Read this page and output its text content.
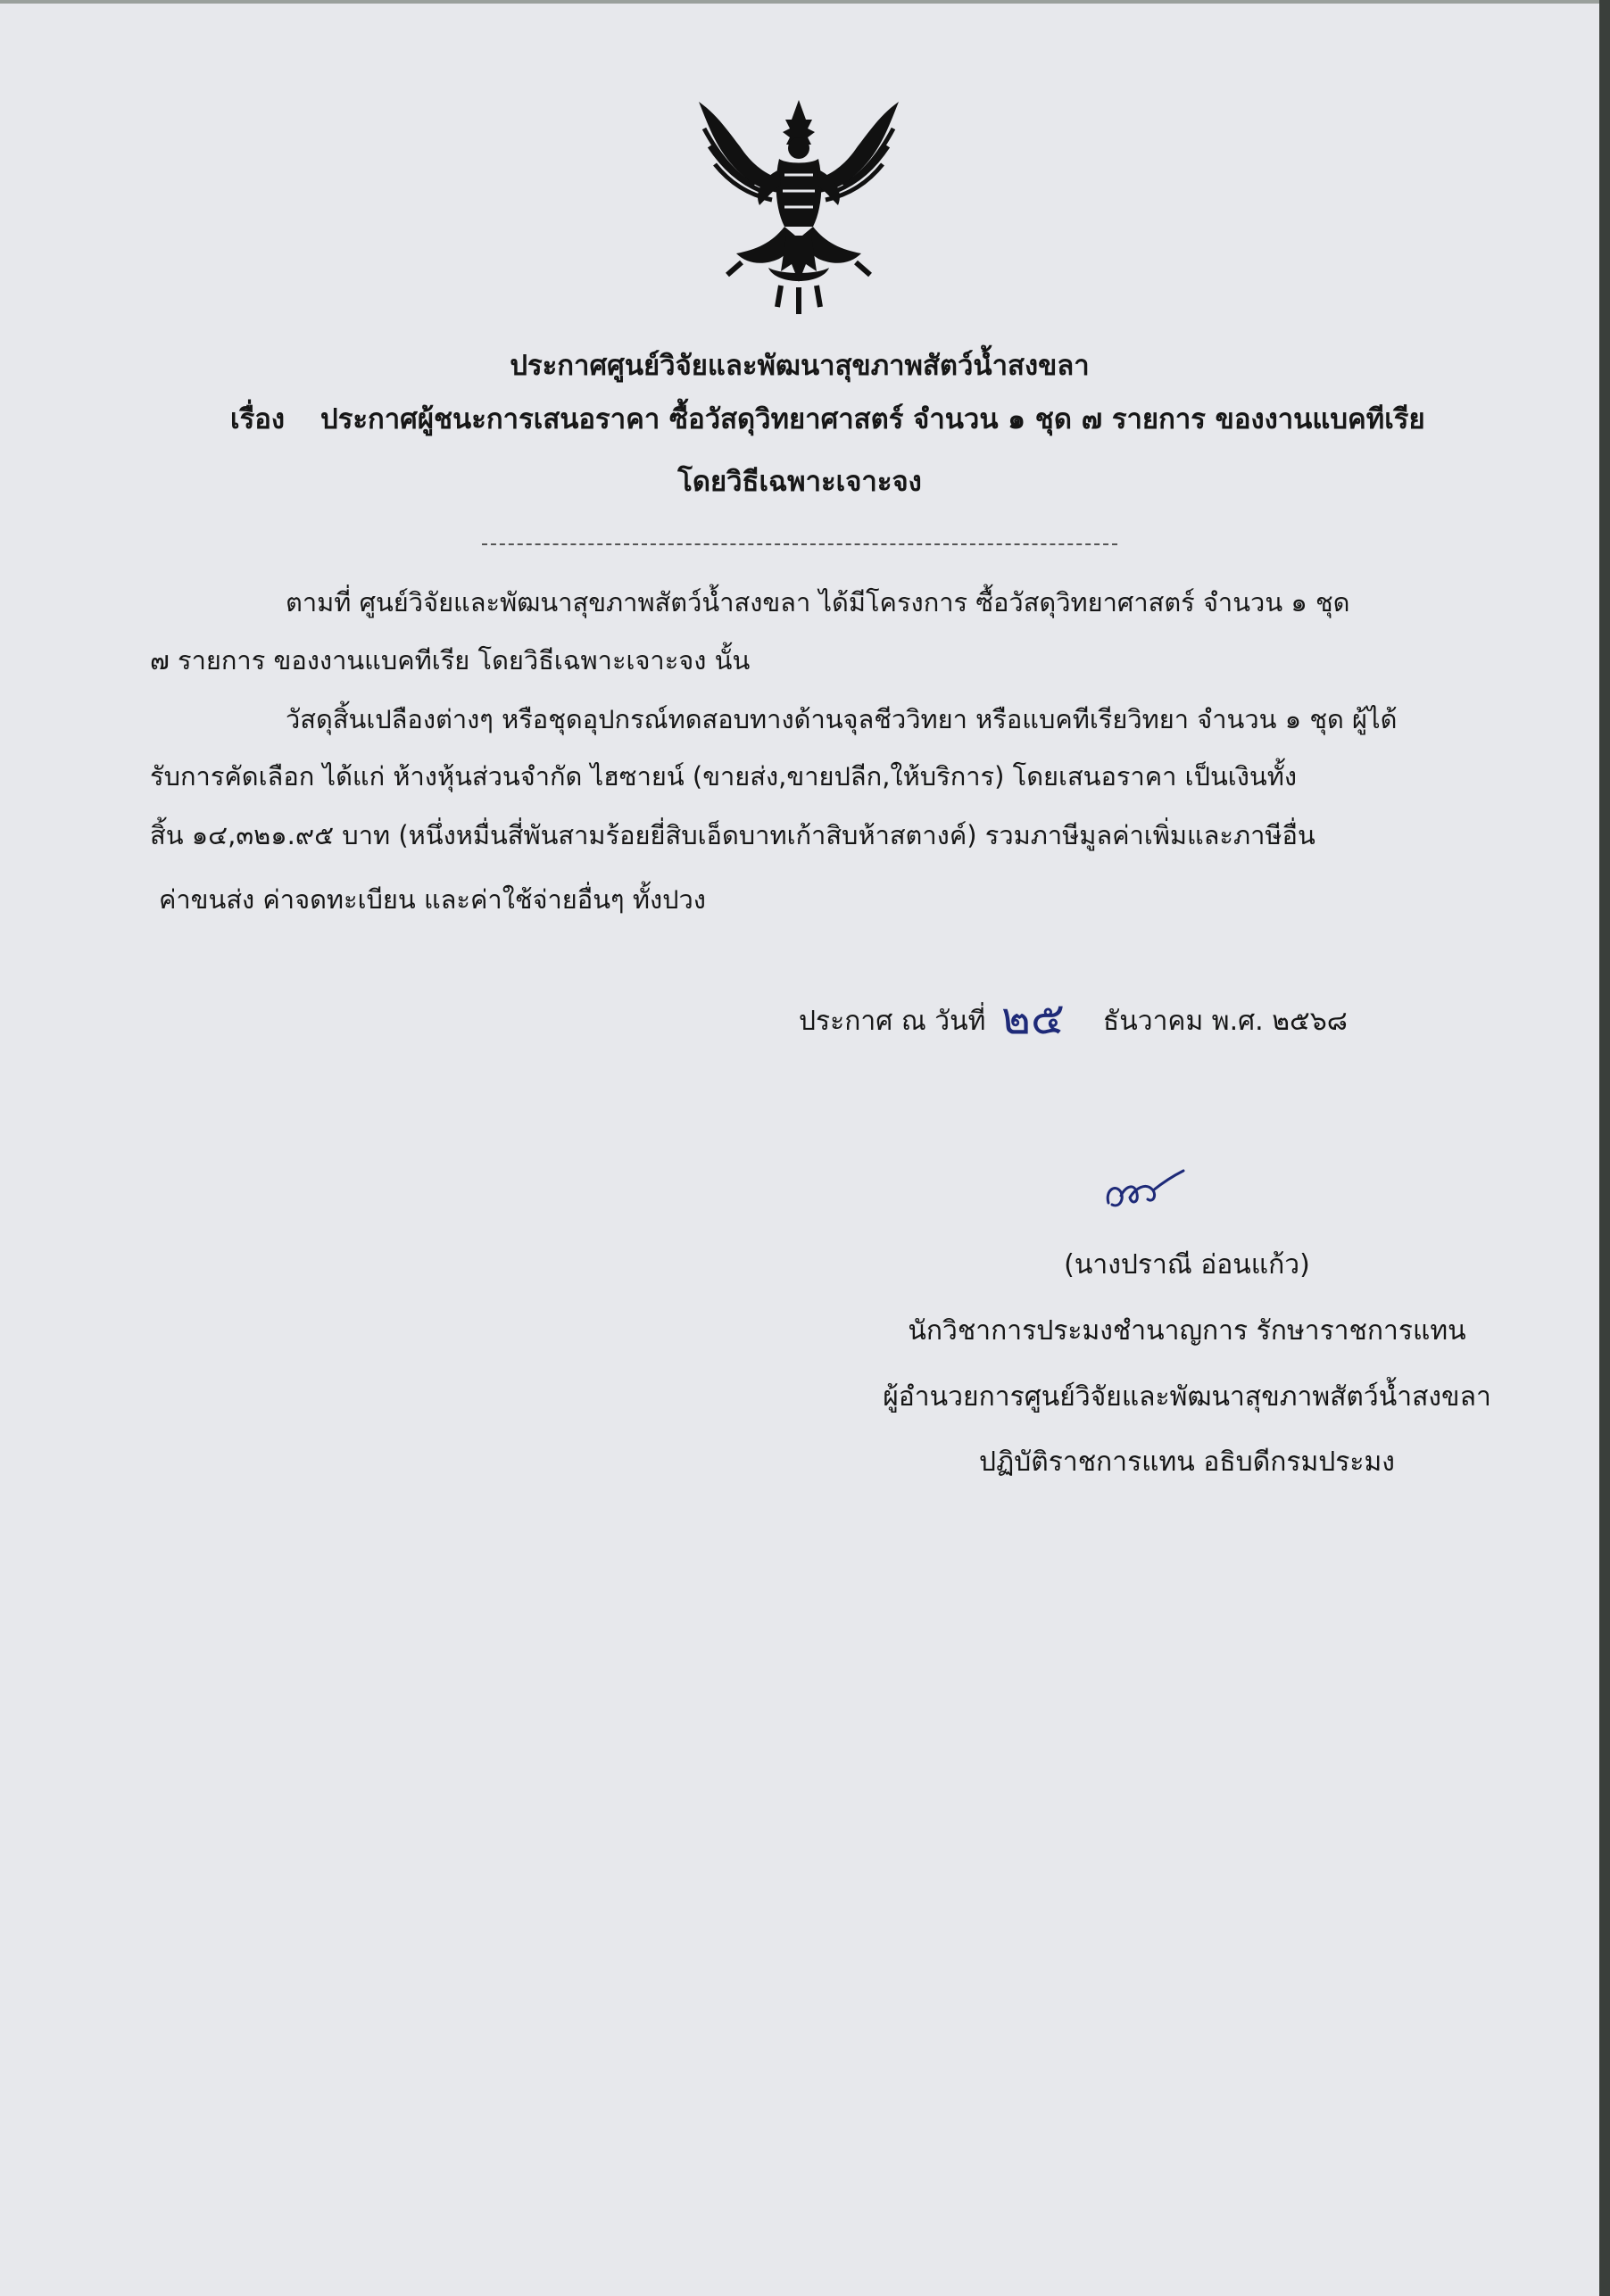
ประกาศศูนย์วิจัยและพัฒนาสุขภาพสัตว์น้ำสงขลา
เรื่อง ประกาศผู้ชนะการเสนอราคา ซื้อวัสดุวิทยาศาสตร์ จำนวน ๑ ชุด ๗ รายการ ของงานแบคทีเรีย
โดยวิธีเฉพาะเจาะจง
ตามที่ ศูนย์วิจัยและพัฒนาสุขภาพสัตว์น้ำสงขลา ได้มีโครงการ ซื้อวัสดุวิทยาศาสตร์ จำนวน ๑ ชุด
๗ รายการ ของงานแบคทีเรีย โดยวิธีเฉพาะเจาะจง นั้น
วัสดุสิ้นเปลืองต่างๆ หรือชุดอุปกรณ์ทดสอบทางด้านจุลชีววิทยา หรือแบคทีเรียวิทยา จำนวน ๑ ชุด ผู้ได้
รับการคัดเลือก ได้แก่ ห้างหุ้นส่วนจำกัด ไฮซายน์ (ขายส่ง,ขายปลีก,ให้บริการ) โดยเสนอราคา เป็นเงินทั้ง
สิ้น ๑๔,๓๒๑.๙๕ บาท (หนึ่งหมื่นสี่พันสามร้อยยี่สิบเอ็ดบาทเก้าสิบห้าสตางค์) รวมภาษีมูลค่าเพิ่มและภาษีอื่น
ค่าขนส่ง ค่าจดทะเบียน และค่าใช้จ่ายอื่นๆ ทั้งปวง
ประกาศ ณ วันที่ ๒๕ ธันวาคม พ.ศ. ๒๕๖๘
(นางปราณี อ่อนแก้ว)
นักวิชาการประมงชำนาญการ รักษาราชการแทน
ผู้อำนวยการศูนย์วิจัยและพัฒนาสุขภาพสัตว์น้ำสงขลา
ปฏิบัติราชการแทน อธิบดีกรมประมง
